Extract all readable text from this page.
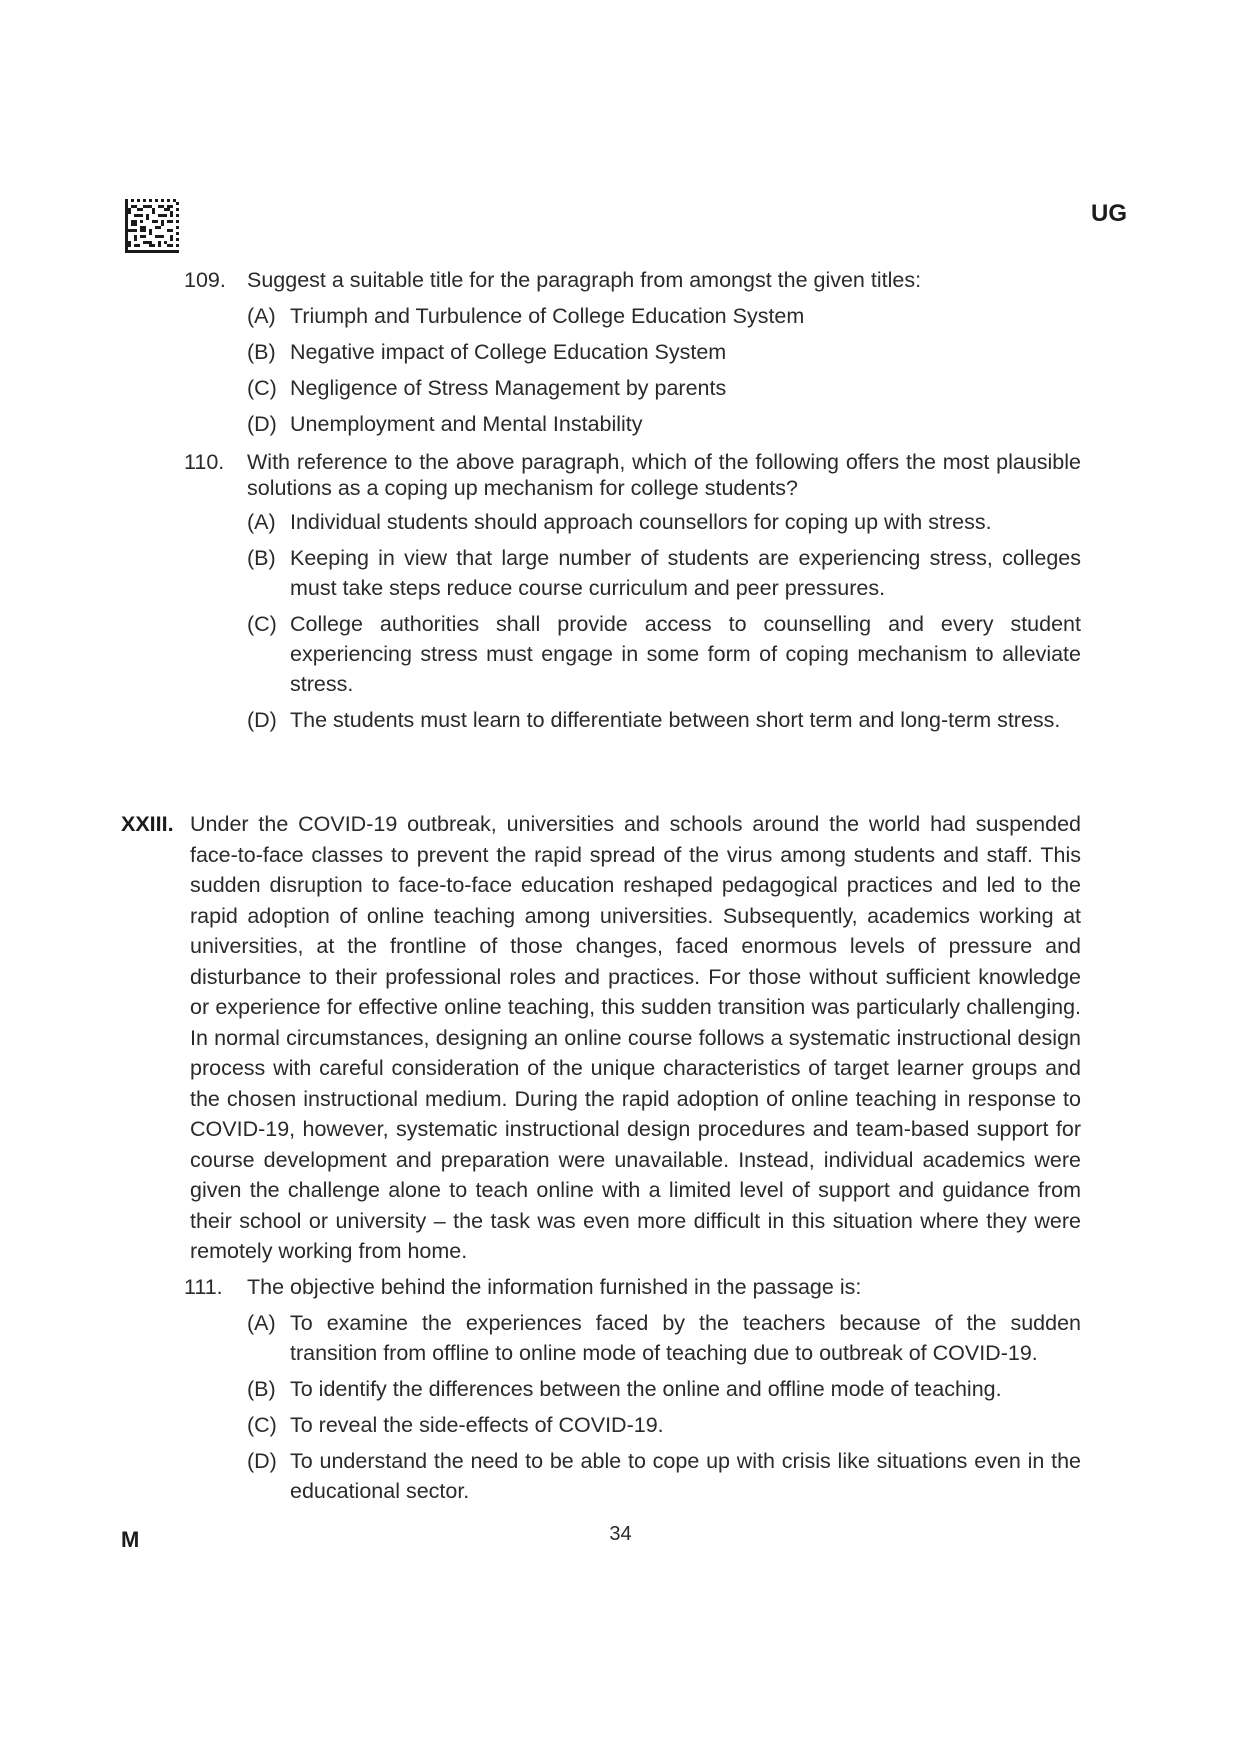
UG
109. Suggest a suitable title for the paragraph from amongst the given titles:
(A) Triumph and Turbulence of College Education System
(B) Negative impact of College Education System
(C) Negligence of Stress Management by parents
(D) Unemployment and Mental Instability
110.	With reference to the above paragraph, which of the following offers the most plausible solutions as a coping up mechanism for college students?
(A) Individual students should approach counsellors for coping up with stress.
(B) Keeping in view that large number of students are experiencing stress, colleges must take steps reduce course curriculum and peer pressures.
(C) College authorities shall provide access to counselling and every student experiencing stress must engage in some form of coping mechanism to alleviate stress.
(D) The students must learn to differentiate between short term and long-term stress.
XXIII. Under the COVID-19 outbreak, universities and schools around the world had suspended face-to-face classes to prevent the rapid spread of the virus among students and staff. This sudden disruption to face-to-face education reshaped pedagogical practices and led to the rapid adoption of online teaching among universities. Subsequently, academics working at universities, at the frontline of those changes, faced enormous levels of pressure and disturbance to their professional roles and practices. For those without sufficient knowledge or experience for effective online teaching, this sudden transition was particularly challenging. In normal circumstances, designing an online course follows a systematic instructional design process with careful consideration of the unique characteristics of target learner groups and the chosen instructional medium. During the rapid adoption of online teaching in response to COVID-19, however, systematic instructional design procedures and team-based support for course development and preparation were unavailable. Instead, individual academics were given the challenge alone to teach online with a limited level of support and guidance from their school or university – the task was even more difficult in this situation where they were remotely working from home.
111.	The objective behind the information furnished in the passage is:
(A) To examine the experiences faced by the teachers because of the sudden transition from offline to online mode of teaching due to outbreak of COVID-19.
(B) To identify the differences between the online and offline mode of teaching.
(C) To reveal the side-effects of COVID-19.
(D) To understand the need to be able to cope up with crisis like situations even in the educational sector.
M	34
